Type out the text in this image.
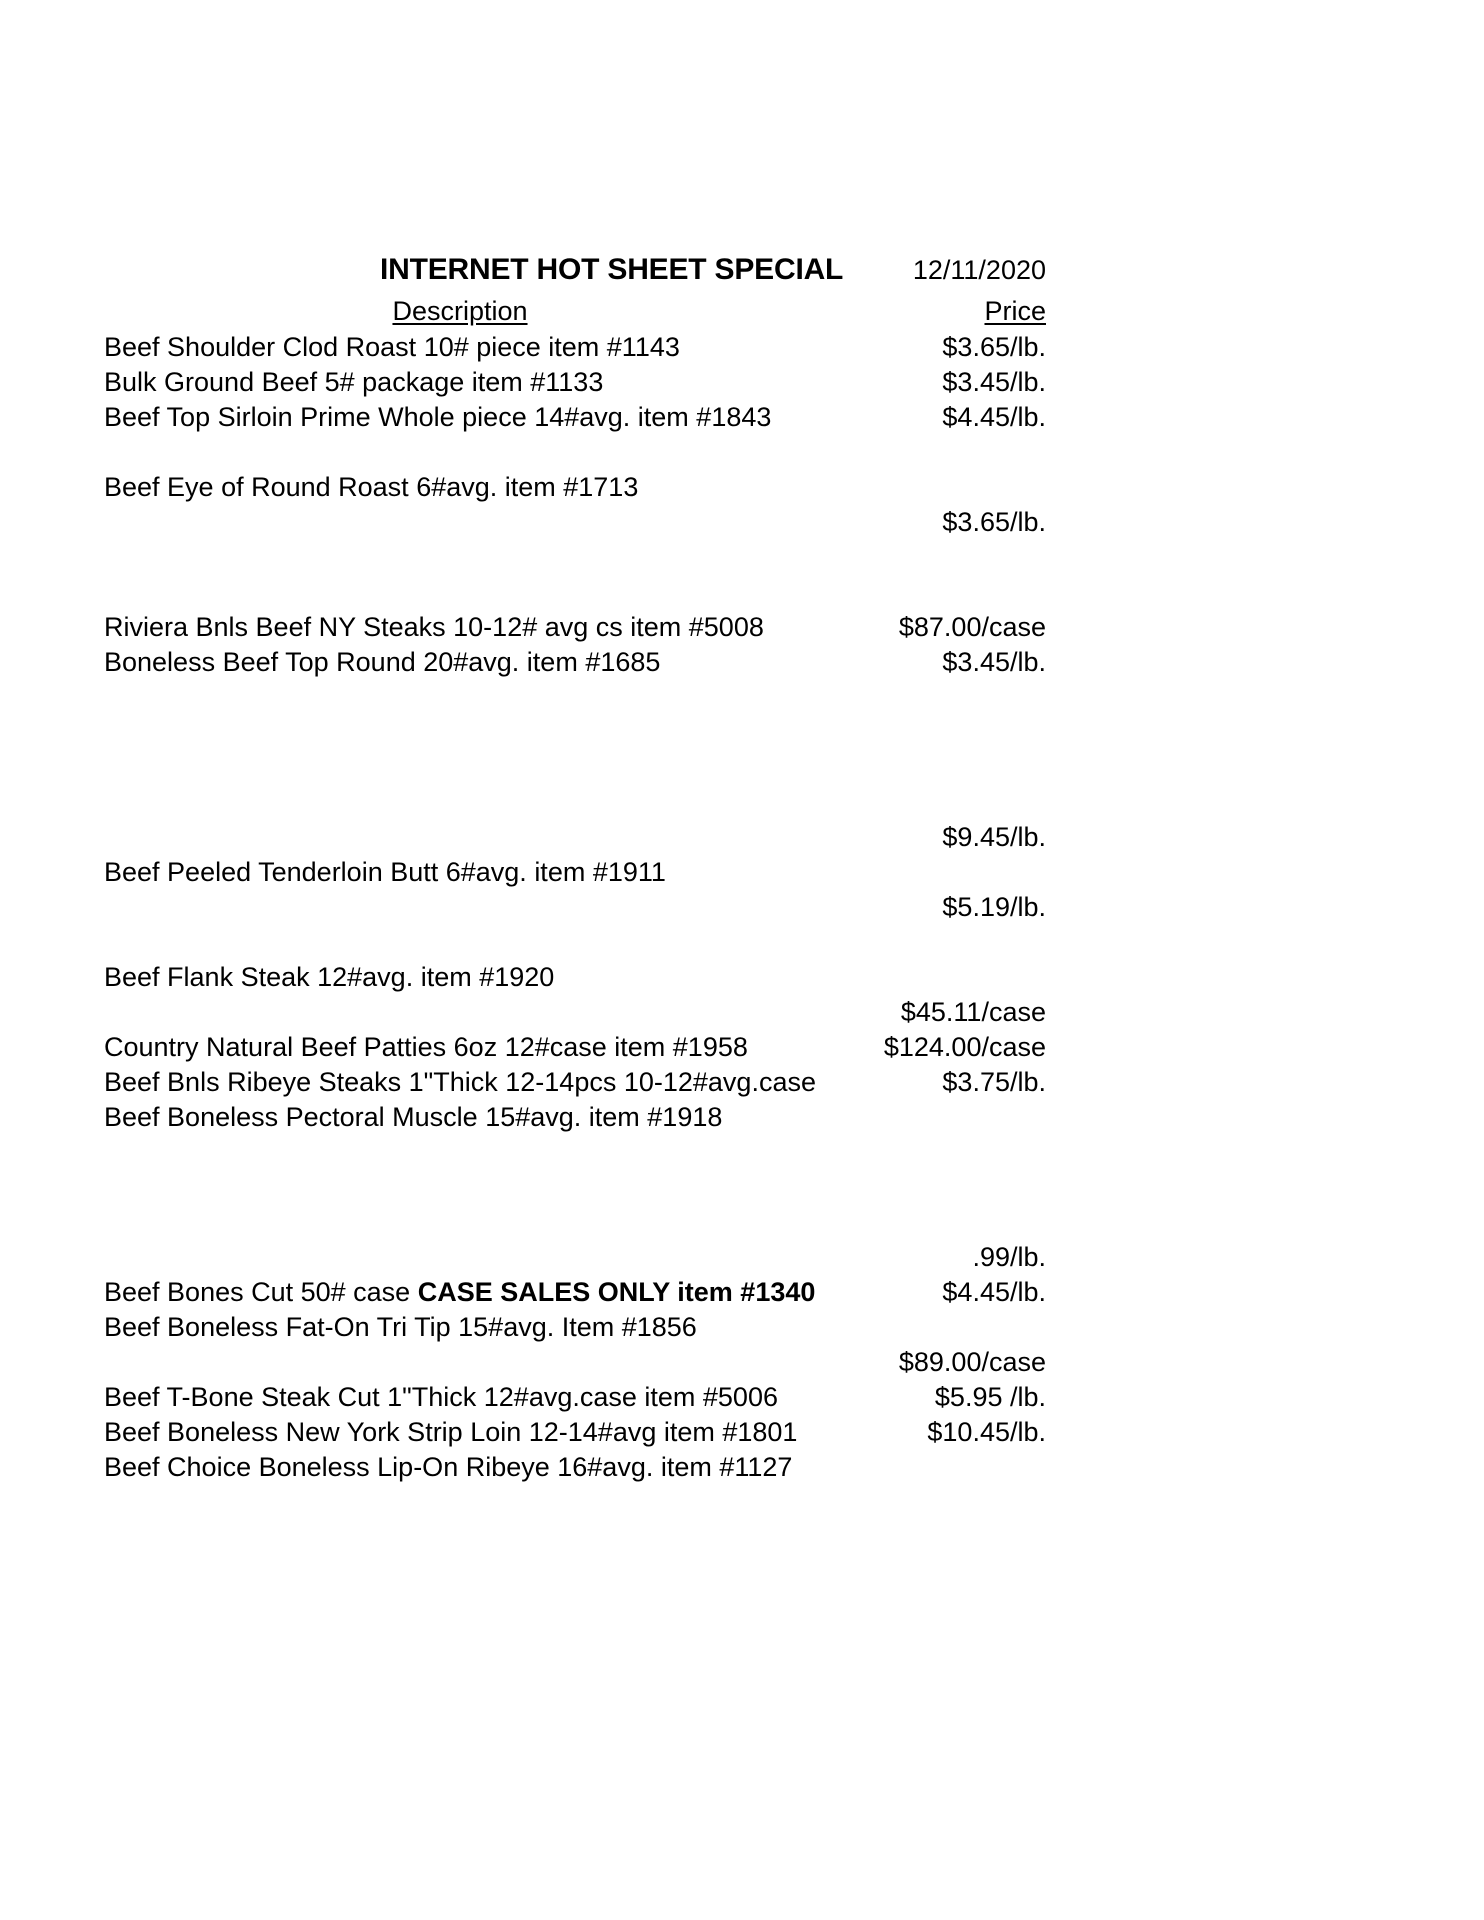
INTERNET HOT SHEET SPECIAL	12/11/2020
Description	Price
Beef Shoulder Clod Roast 10# piece item #1143
Bulk Ground Beef 5# package item #1133
Beef Top Sirloin Prime Whole piece 14#avg. item #1843

Beef Eye of Round Roast 6#avg. item #1713

Riviera Bnls Beef NY Steaks 10-12# avg cs item #5008
Boneless Beef Top Round 20#avg. item #1685

Beef Peeled Tenderloin Butt 6#avg. item #1911

Beef Flank Steak 12#avg. item #1920

Country Natural Beef Patties 6oz 12#case item #1958
Beef Bnls Ribeye Steaks 1"Thick 12-14pcs 10-12#avg.case
Beef Boneless Pectoral Muscle 15#avg. item #1918

Beef Bones Cut 50# case CASE SALES ONLY item #1340
Beef Boneless Fat-On Tri Tip 15#avg. Item #1856

Beef T-Bone Steak Cut 1"Thick 12#avg.case item #5006
Beef Boneless New York Strip Loin 12-14#avg item #1801
Beef Choice Boneless Lip-On Ribeye 16#avg. item #1127
$3.65/lb.
$3.45/lb.
$4.45/lb.

$3.65/lb.

$87.00/case
$3.45/lb.

$9.45/lb.

$5.19/lb.

$45.11/case
$124.00/case
$3.75/lb.

.99/lb.
$4.45/lb.

$89.00/case
$5.95 /lb.
$10.45/lb.
